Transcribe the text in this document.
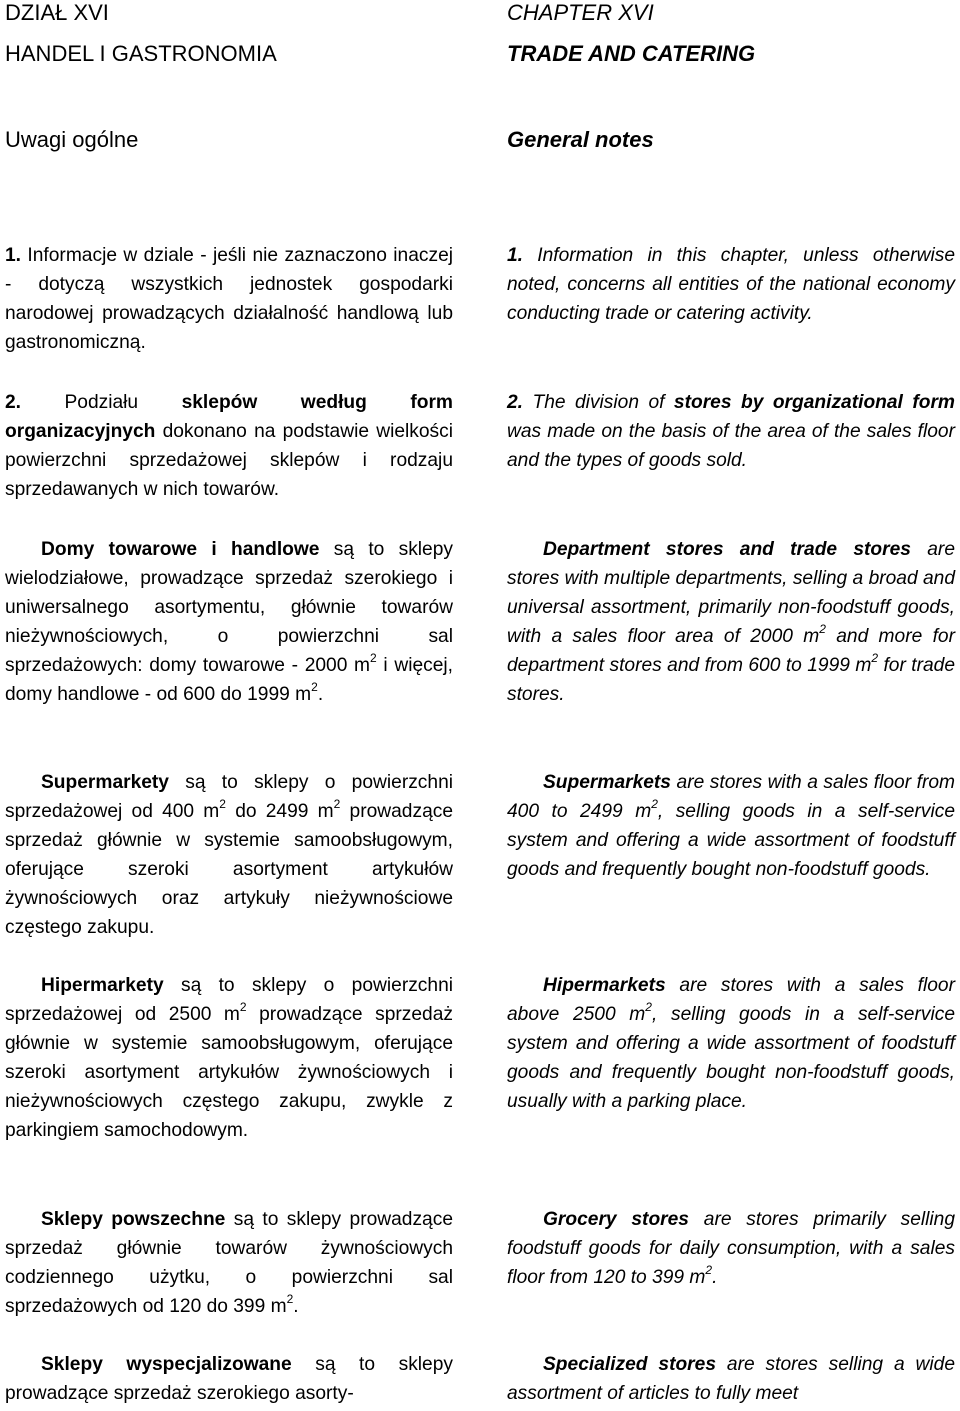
DZIAŁ XVI
HANDEL I GASTRONOMIA
Uwagi ogólne

1. Informacje w dziale - jeśli nie zaznaczono inaczej - dotyczą wszystkich jednostek gospodarki narodowej prowadzących działalność handlową lub gastronomiczną.

2. Podziału sklepów według form organizacyjnych dokonano na podstawie wielkości powierzchni sprzedażowej sklepów i rodzaju sprzedawanych w nich towarów.

Domy towarowe i handlowe są to sklepy wielodziałowe, prowadzące sprzedaż szerokiego i uniwersalnego asortymentu, głównie towarów nieżywnościowych, o powierzchni sal sprzedażowych: domy towarowe - 2000 $m^2$ i więcej, domy handlowe - od 600 do 1999 $m^2$.

Supermarkety są to sklepy o powierzchni sprzedażowej od 400 $m^2$ do 2499 $m^2$ prowadzące sprzedaż głównie w systemie samoobsługowym, oferujące szeroki asortyment artykułów żywnościowych oraz artykuły nieżywnościowe częstego zakupu.

Hipermarkety są to sklepy o powierzchni sprzedażowej od 2500 $m^2$ prowadzące sprzedaż głównie w systemie samoobsługowym, oferujące szeroki asortyment artykułów żywnościowych i nieżywnościowych częstego zakupu, zwykle z parkingiem samochodowym.

Sklepy powszechne są to sklepy prowadzące sprzedaż głównie towarów żywnościowych codziennego użytku, o powierzchni sal sprzedażowych od 120 do 399 $m^2$.

Sklepy wyspecjalizowane są to sklepy prowadzące sprzedaż szerokiego asorty-

CHAPTER XVI
TRADE AND CATERING
General notes

1. Information in this chapter, unless otherwise noted, concerns all entities of the national economy conducting trade or catering activity.

2. The division of stores by organizational form was made on the basis of the area of the sales floor and the types of goods sold.

Department stores and trade stores are stores with multiple departments, selling a broad and universal assortment, primarily non-foodstuff goods, with a sales floor area of 2000 $m^2$ and more for department stores and from 600 to 1999 $m^2$ for trade stores.

Supermarkets are stores with a sales floor from 400 to 2499 $m^2$, selling goods in a self-service system and offering a wide assortment of foodstuff goods and frequently bought non-foodstuff goods.

Hipermarkets are stores with a sales floor above 2500 $m^2$, selling goods in a self-service system and offering a wide assortment of foodstuff goods and frequently bought non-foodstuff goods, usually with a parking place.

Grocery stores are stores primarily selling foodstuff goods for daily consumption, with a sales floor from 120 to 399 $m^2$.

Specialized stores are stores selling a wide assortment of articles to fully meet
